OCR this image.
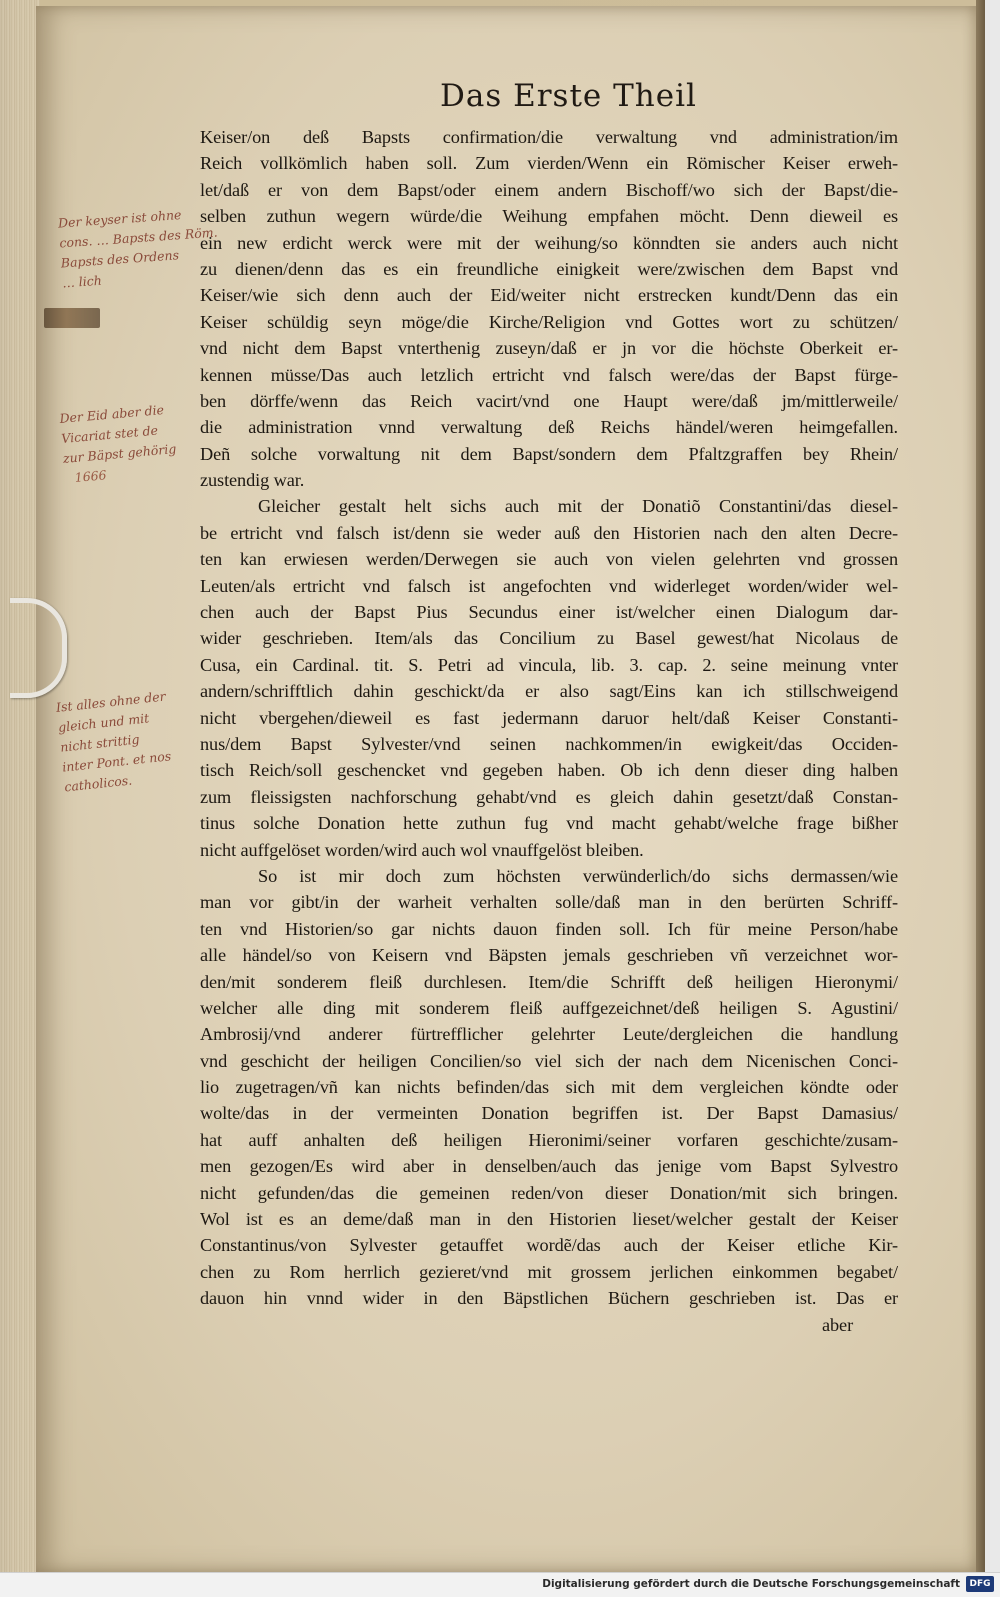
Das Erste Theil
Keiser/on deß Bapsts confirmation/die verwaltung vnd administration/im
Reich vollkömlich haben soll. Zum vierden/Wenn ein Römischer Keiser erweh-
let/daß er von dem Bapst/oder einem andern Bischoff/wo sich der Bapst/die-
selben zuthun wegern würde/die Weihung empfahen möcht. Denn dieweil es
ein new erdicht werck were mit der weihung/so könndten sie anders auch nicht
zu dienen/denn das es ein freundliche einigkeit were/zwischen dem Bapst vnd
Keiser/wie sich denn auch der Eid/weiter nicht erstrecken kundt/Denn das ein
Keiser schüldig seyn möge/die Kirche/Religion vnd Gottes wort zu schützen/
vnd nicht dem Bapst vnterthenig zuseyn/daß er jn vor die höchste Oberkeit er-
kennen müsse/Das auch letzlich ertricht vnd falsch were/das der Bapst fürge-
ben dörffe/wenn das Reich vacirt/vnd one Haupt were/daß jm/mittlerweile/
die administration vnnd verwaltung deß Reichs händel/weren heimgefallen.
Deñ solche vorwaltung nit dem Bapst/sondern dem Pfaltzgraffen bey Rhein/
zustendig war.
Gleicher gestalt helt sichs auch mit der Donatiõ Constantini/das diesel-
be ertricht vnd falsch ist/denn sie weder auß den Historien nach den alten Decre-
ten kan erwiesen werden/Derwegen sie auch von vielen gelehrten vnd grossen
Leuten/als ertricht vnd falsch ist angefochten vnd widerleget worden/wider wel-
chen auch der Bapst Pius Secundus einer ist/welcher einen Dialogum dar-
wider geschrieben. Item/als das Concilium zu Basel gewest/hat Nicolaus de
Cusa, ein Cardinal. tit. S. Petri ad vincula, lib. 3. cap. 2. seine meinung vnter
andern/schrifftlich dahin geschickt/da er also sagt/Eins kan ich stillschweigend
nicht vbergehen/dieweil es fast jedermann daruor helt/daß Keiser Constanti-
nus/dem Bapst Sylvester/vnd seinen nachkommen/in ewigkeit/das Occiden-
tisch Reich/soll geschencket vnd gegeben haben. Ob ich denn dieser ding halben
zum fleissigsten nachforschung gehabt/vnd es gleich dahin gesetzt/daß Constan-
tinus solche Donation hette zuthun fug vnd macht gehabt/welche frage bißher
nicht auffgelöset worden/wird auch wol vnauffgelöst bleiben.
So ist mir doch zum höchsten verwünderlich/do sichs dermassen/wie
man vor gibt/in der warheit verhalten solle/daß man in den berürten Schriff-
ten vnd Historien/so gar nichts dauon finden soll. Ich für meine Person/habe
alle händel/so von Keisern vnd Bäpsten jemals geschrieben vñ verzeichnet wor-
den/mit sonderem fleiß durchlesen. Item/die Schrifft deß heiligen Hieronymi/
welcher alle ding mit sonderem fleiß auffgezeichnet/deß heiligen S. Agustini/
Ambrosij/vnd anderer fürtrefflicher gelehrter Leute/dergleichen die handlung
vnd geschicht der heiligen Concilien/so viel sich der nach dem Nicenischen Conci-
lio zugetragen/vñ kan nichts befinden/das sich mit dem vergleichen köndte oder
wolte/das in der vermeinten Donation begriffen ist. Der Bapst Damasius/
hat auff anhalten deß heiligen Hieronimi/seiner vorfaren geschichte/zusam-
men gezogen/Es wird aber in denselben/auch das jenige vom Bapst Sylvestro
nicht gefunden/das die gemeinen reden/von dieser Donation/mit sich bringen.
Wol ist es an deme/daß man in den Historien lieset/welcher gestalt der Keiser
Constantinus/von Sylvester getauffet wordẽ/das auch der Keiser etliche Kir-
chen zu Rom herrlich gezieret/vnd mit grossem jerlichen einkommen begabet/
dauon hin vnnd wider in den Bäpstlichen Büchern geschrieben ist. Das er
aber
Der keyser ist ohne
cons. … Bapsts des Röm.
Bapsts des Ordens
… lich
Der Eid aber die
Vicariat stet de
zur Bäpst gehörig
1666
Ist alles ohne der
gleich und mit
nicht strittig
inter Pont. et nos
catholicos.
Digitalisierung gefördert durch die Deutsche Forschungsgemeinschaft	DFG
